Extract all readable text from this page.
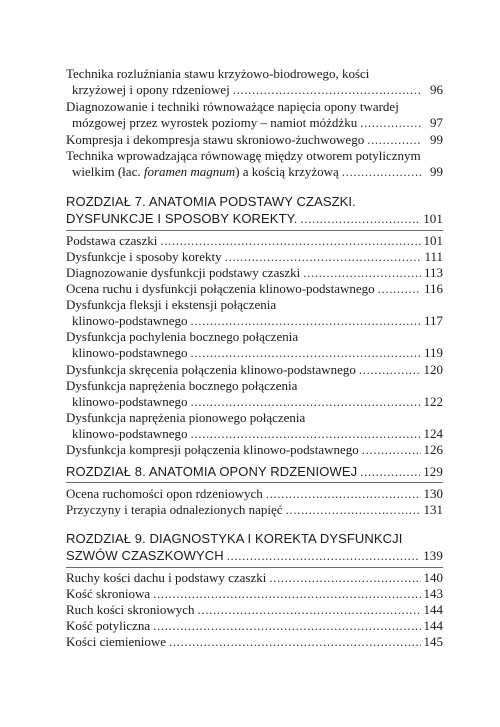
Technika rozluźniania stawu krzyżowo-biodrowego, kości
krzyżowej i opony rdzeniowej .....	96
Diagnozowanie i techniki równoważące napięcia opony twardej
mózgowej przez wyrostek poziomy – namiot móżdżku .....	97
Kompresja i dekompresja stawu skroniowo-żuchwowego .....	99
Technika wprowadzająca równowagę między otworem potylicznym
wielkim (łac. foramen magnum) a kością krzyżową .....	99
ROZDZIAŁ 7. ANATOMIA PODSTAWY CZASZKI.
DYSFUNKCJE I SPOSOBY KOREKTY. .....	101
Podstawa czaszki .....	101
Dysfunkcje i sposoby korekty .....	111
Diagnozowanie dysfunkcji podstawy czaszki .....	113
Ocena ruchu i dysfunkcji połączenia klinowo-podstawnego .....	116
Dysfunkcja fleksji i ekstensji połączenia
klinowo-podstawnego .....	117
Dysfunkcja pochylenia bocznego połączenia
klinowo-podstawnego .....	119
Dysfunkcja skręcenia połączenia klinowo-podstawnego .....	120
Dysfunkcja naprężenia bocznego połączenia
klinowo-podstawnego .....	122
Dysfunkcja naprężenia pionowego połączenia
klinowo-podstawnego .....	124
Dysfunkcja kompresji połączenia klinowo-podstawnego .....	126
ROZDZIAŁ 8. ANATOMIA OPONY RDZENIOWEJ .....	129
Ocena ruchomości opon rdzeniowych .....	130
Przyczyny i terapia odnalezionych napięć .....	131
ROZDZIAŁ 9. DIAGNOSTYKA I KOREKTA DYSFUNKCJI
SZWÓW CZASZKOWYCH .....	139
Ruchy kości dachu i podstawy czaszki .....	140
Kość skroniowa .....	143
Ruch kości skroniowych .....	144
Kość potyliczna .....	144
Kości ciemieniowe .....	145
